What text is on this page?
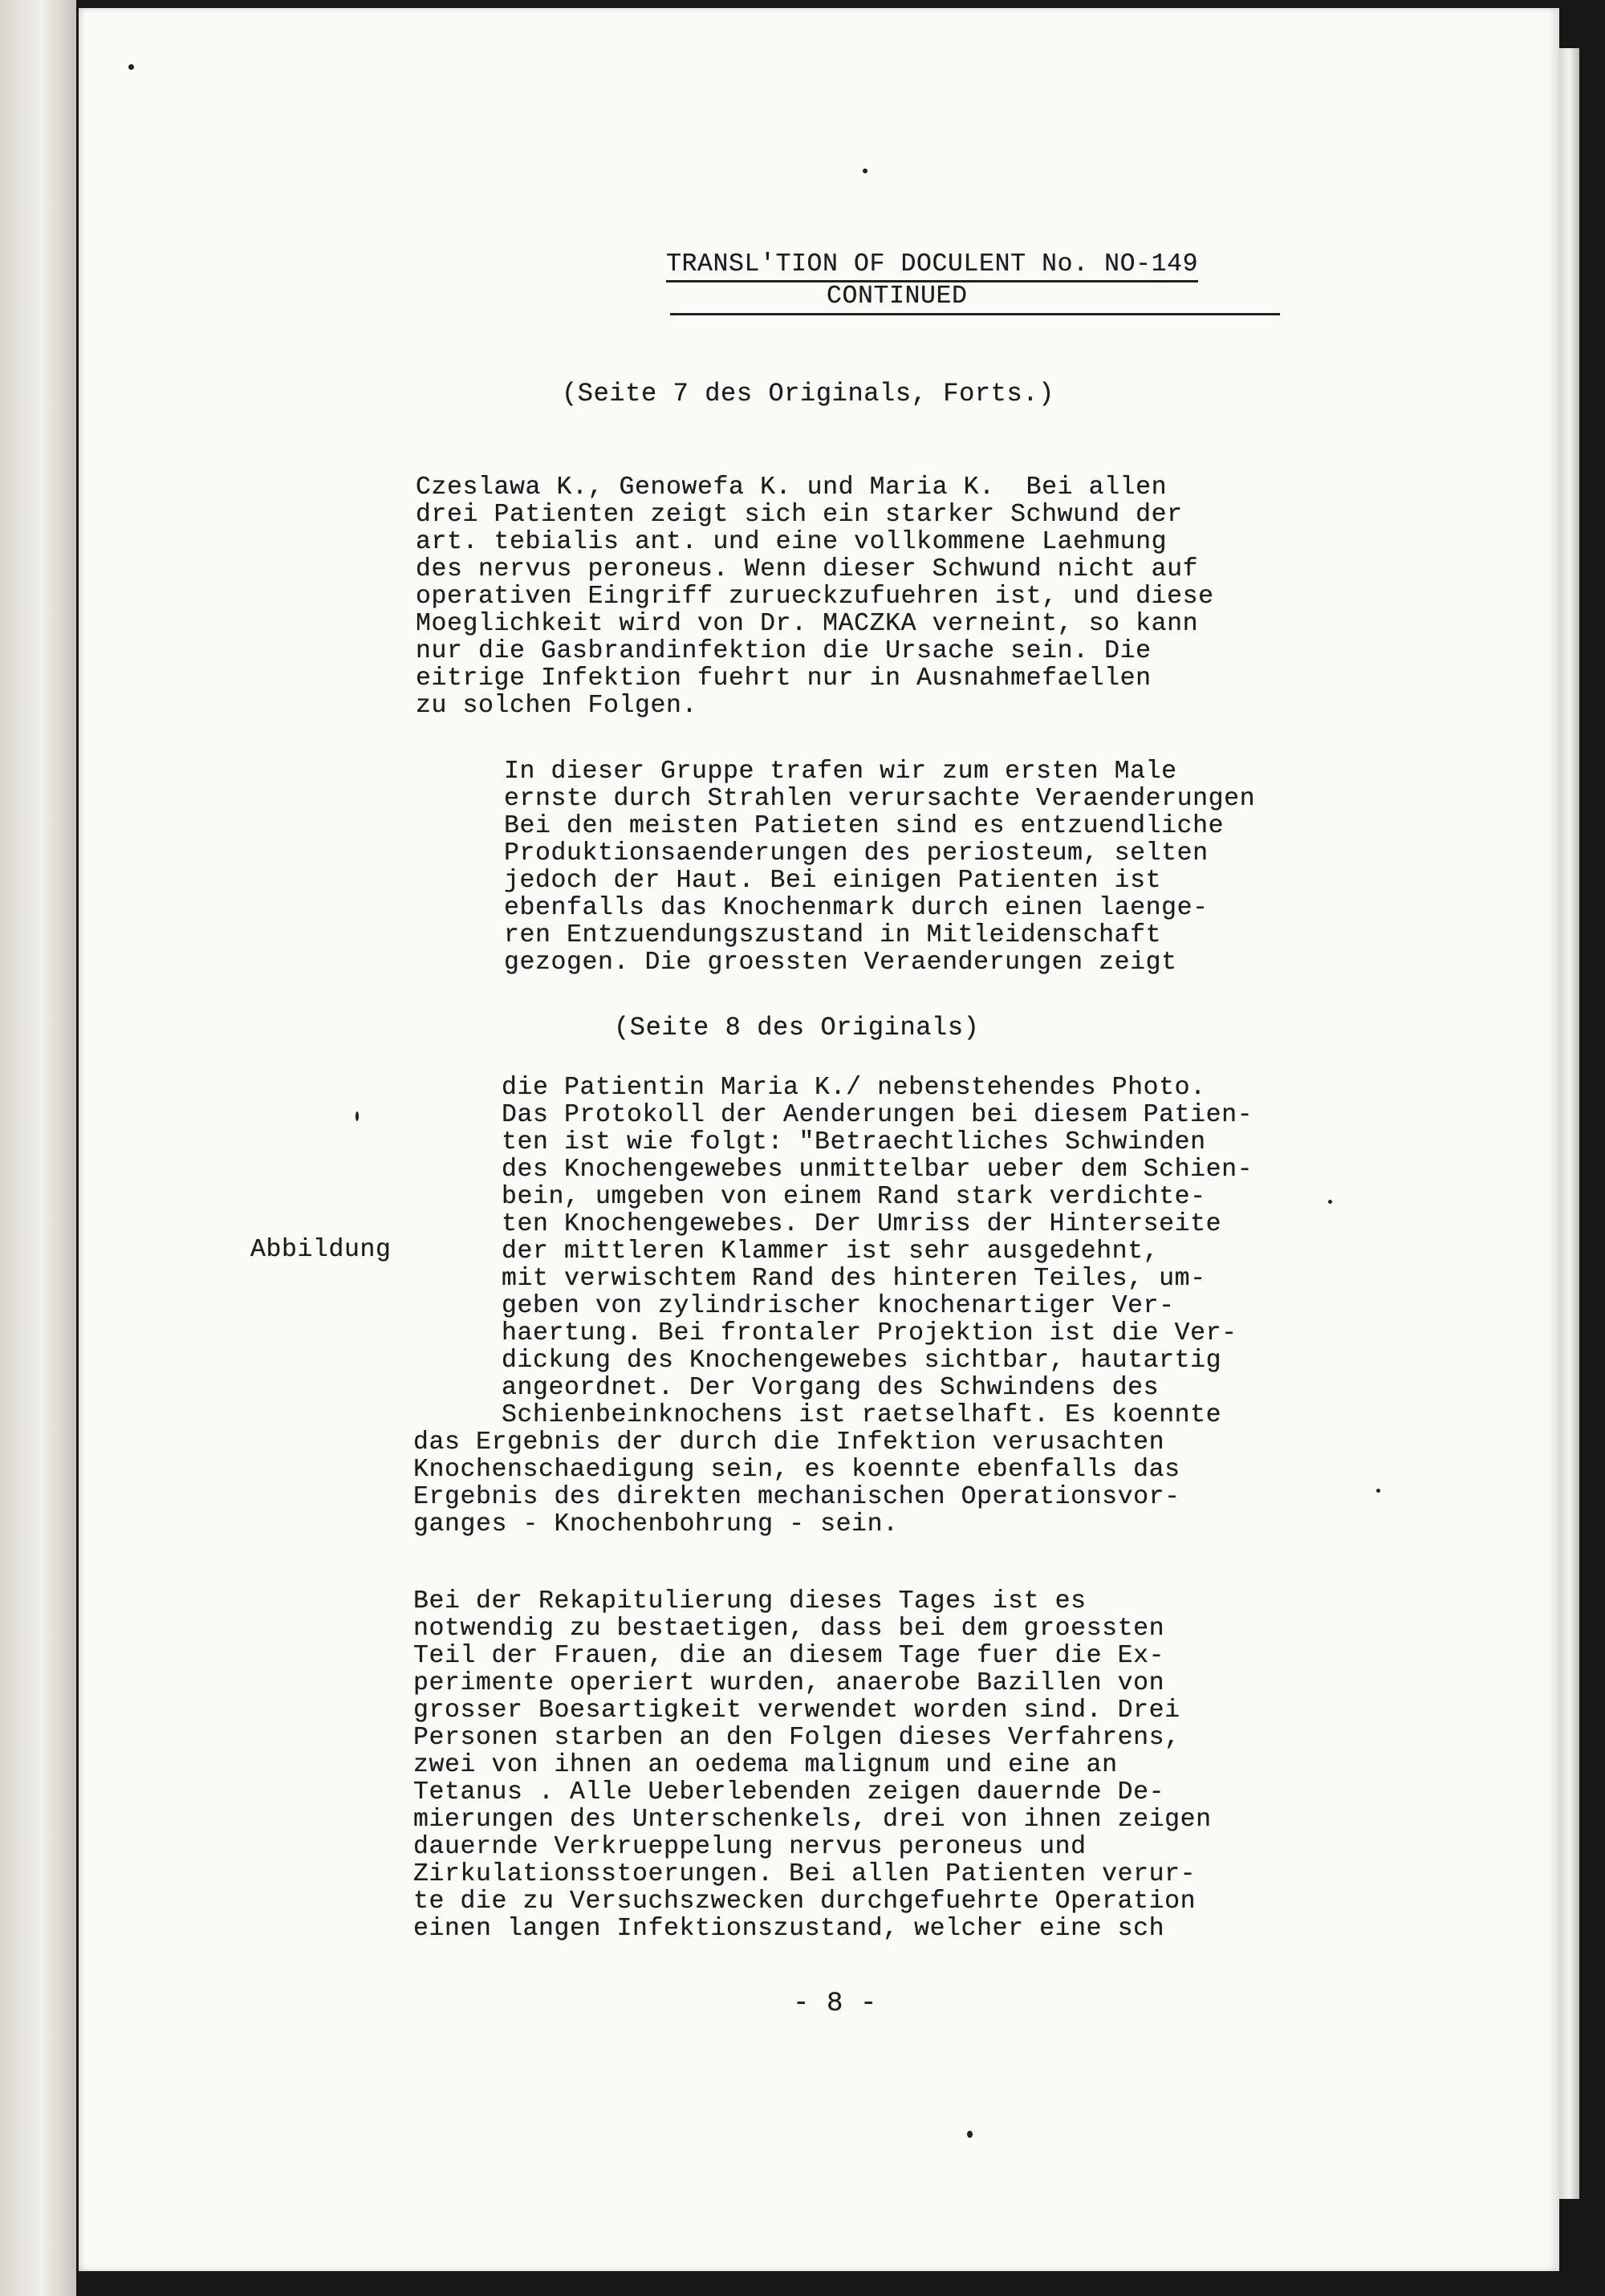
TRANSL'TION OF DOCULENT No. NO-149

CONTINUED

(Seite 7 des Originals, Forts.)

Czeslawa K., Genowefa K. und Maria K.  Bei allen
drei Patienten zeigt sich ein starker Schwund der
art. tebialis ant. und eine vollkommene Laehmung
des nervus peroneus. Wenn dieser Schwund nicht auf
operativen Eingriff zurueckzufuehren ist, und diese
Moeglichkeit wird von Dr. MACZKA verneint, so kann
nur die Gasbrandinfektion die Ursache sein. Die
eitrige Infektion fuehrt nur in Ausnahmefaellen
zu solchen Folgen.
In dieser Gruppe trafen wir zum ersten Male
ernste durch Strahlen verursachte Veraenderungen
Bei den meisten Patieten sind es entzuendliche
Produktionsaenderungen des periosteum, selten
jedoch der Haut. Bei einigen Patienten ist
ebenfalls das Knochenmark durch einen laenge-
ren Entzuendungszustand in Mitleidenschaft
gezogen. Die groessten Veraenderungen zeigt

(Seite 8 des Originals)

die Patientin Maria K./ nebenstehendes Photo.
Das Protokoll der Aenderungen bei diesem Patien-
ten ist wie folgt: "Betraechtliches Schwinden
des Knochengewebes unmittelbar ueber dem Schien-
bein, umgeben von einem Rand stark verdichte-
ten Knochengewebes. Der Umriss der Hinterseite
der mittleren Klammer ist sehr ausgedehnt,
mit verwischtem Rand des hinteren Teiles, um-
geben von zylindrischer knochenartiger Ver-
haertung. Bei frontaler Projektion ist die Ver-
dickung des Knochengewebes sichtbar, hautartig
angeordnet. Der Vorgang des Schwindens des
Schienbeinknochens ist raetselhaft. Es koennte
das Ergebnis der durch die Infektion verusachten
Knochenschaedigung sein, es koennte ebenfalls das
Ergebnis des direkten mechanischen Operationsvor-
ganges - Knochenbohrung - sein.

Abbildung

Bei der Rekapitulierung dieses Tages ist es
notwendig zu bestaetigen, dass bei dem groessten
Teil der Frauen, die an diesem Tage fuer die Ex-
perimente operiert wurden, anaerobe Bazillen von
grosser Boesartigkeit verwendet worden sind. Drei
Personen starben an den Folgen dieses Verfahrens,
zwei von ihnen an oedema malignum und eine an
Tetanus . Alle Ueberlebenden zeigen dauernde De-
mierungen des Unterschenkels, drei von ihnen zeigen
dauernde Verkrueppelung nervus peroneus und
Zirkulationsstoerungen. Bei allen Patienten verur-
te die zu Versuchszwecken durchgefuehrte Operation
einen langen Infektionszustand, welcher eine sch

- 8 -
